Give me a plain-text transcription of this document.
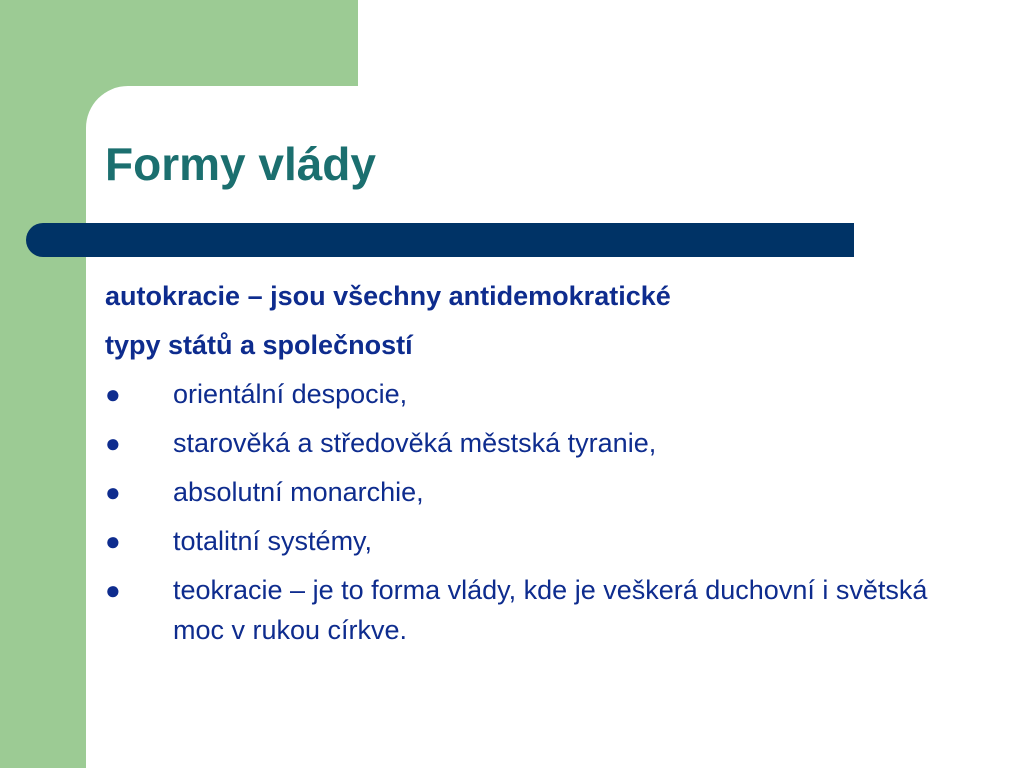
Formy vlády
autokracie – jsou všechny antidemokratické
typy států a společností
●	orientální despocie,
●	starověká a středověká městská tyranie,
●	absolutní monarchie,
●	totalitní systémy,
●	teokracie – je to forma vlády, kde je veškerá duchovní i světská moc v rukou církve.
